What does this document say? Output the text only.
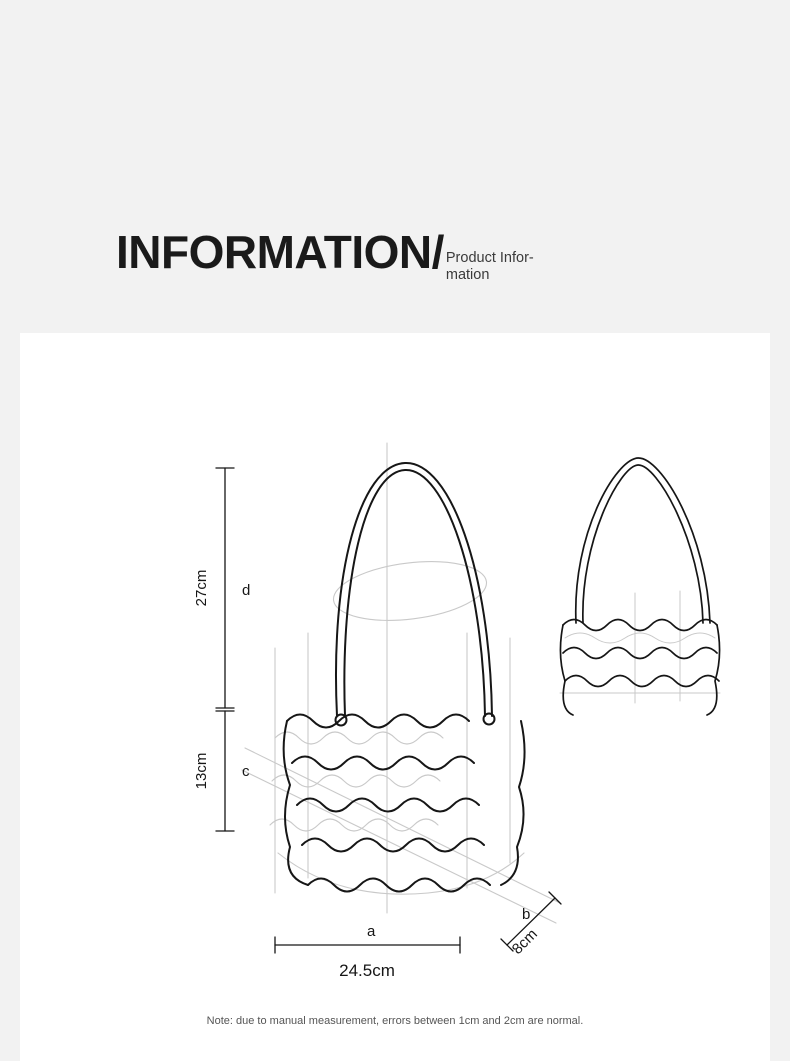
INFORMATION/ Product Infor-mation
27cm d
13cm c
a
24.5cm
b
8cm
Note: due to manual measurement, errors between 1cm and 2cm are normal.
